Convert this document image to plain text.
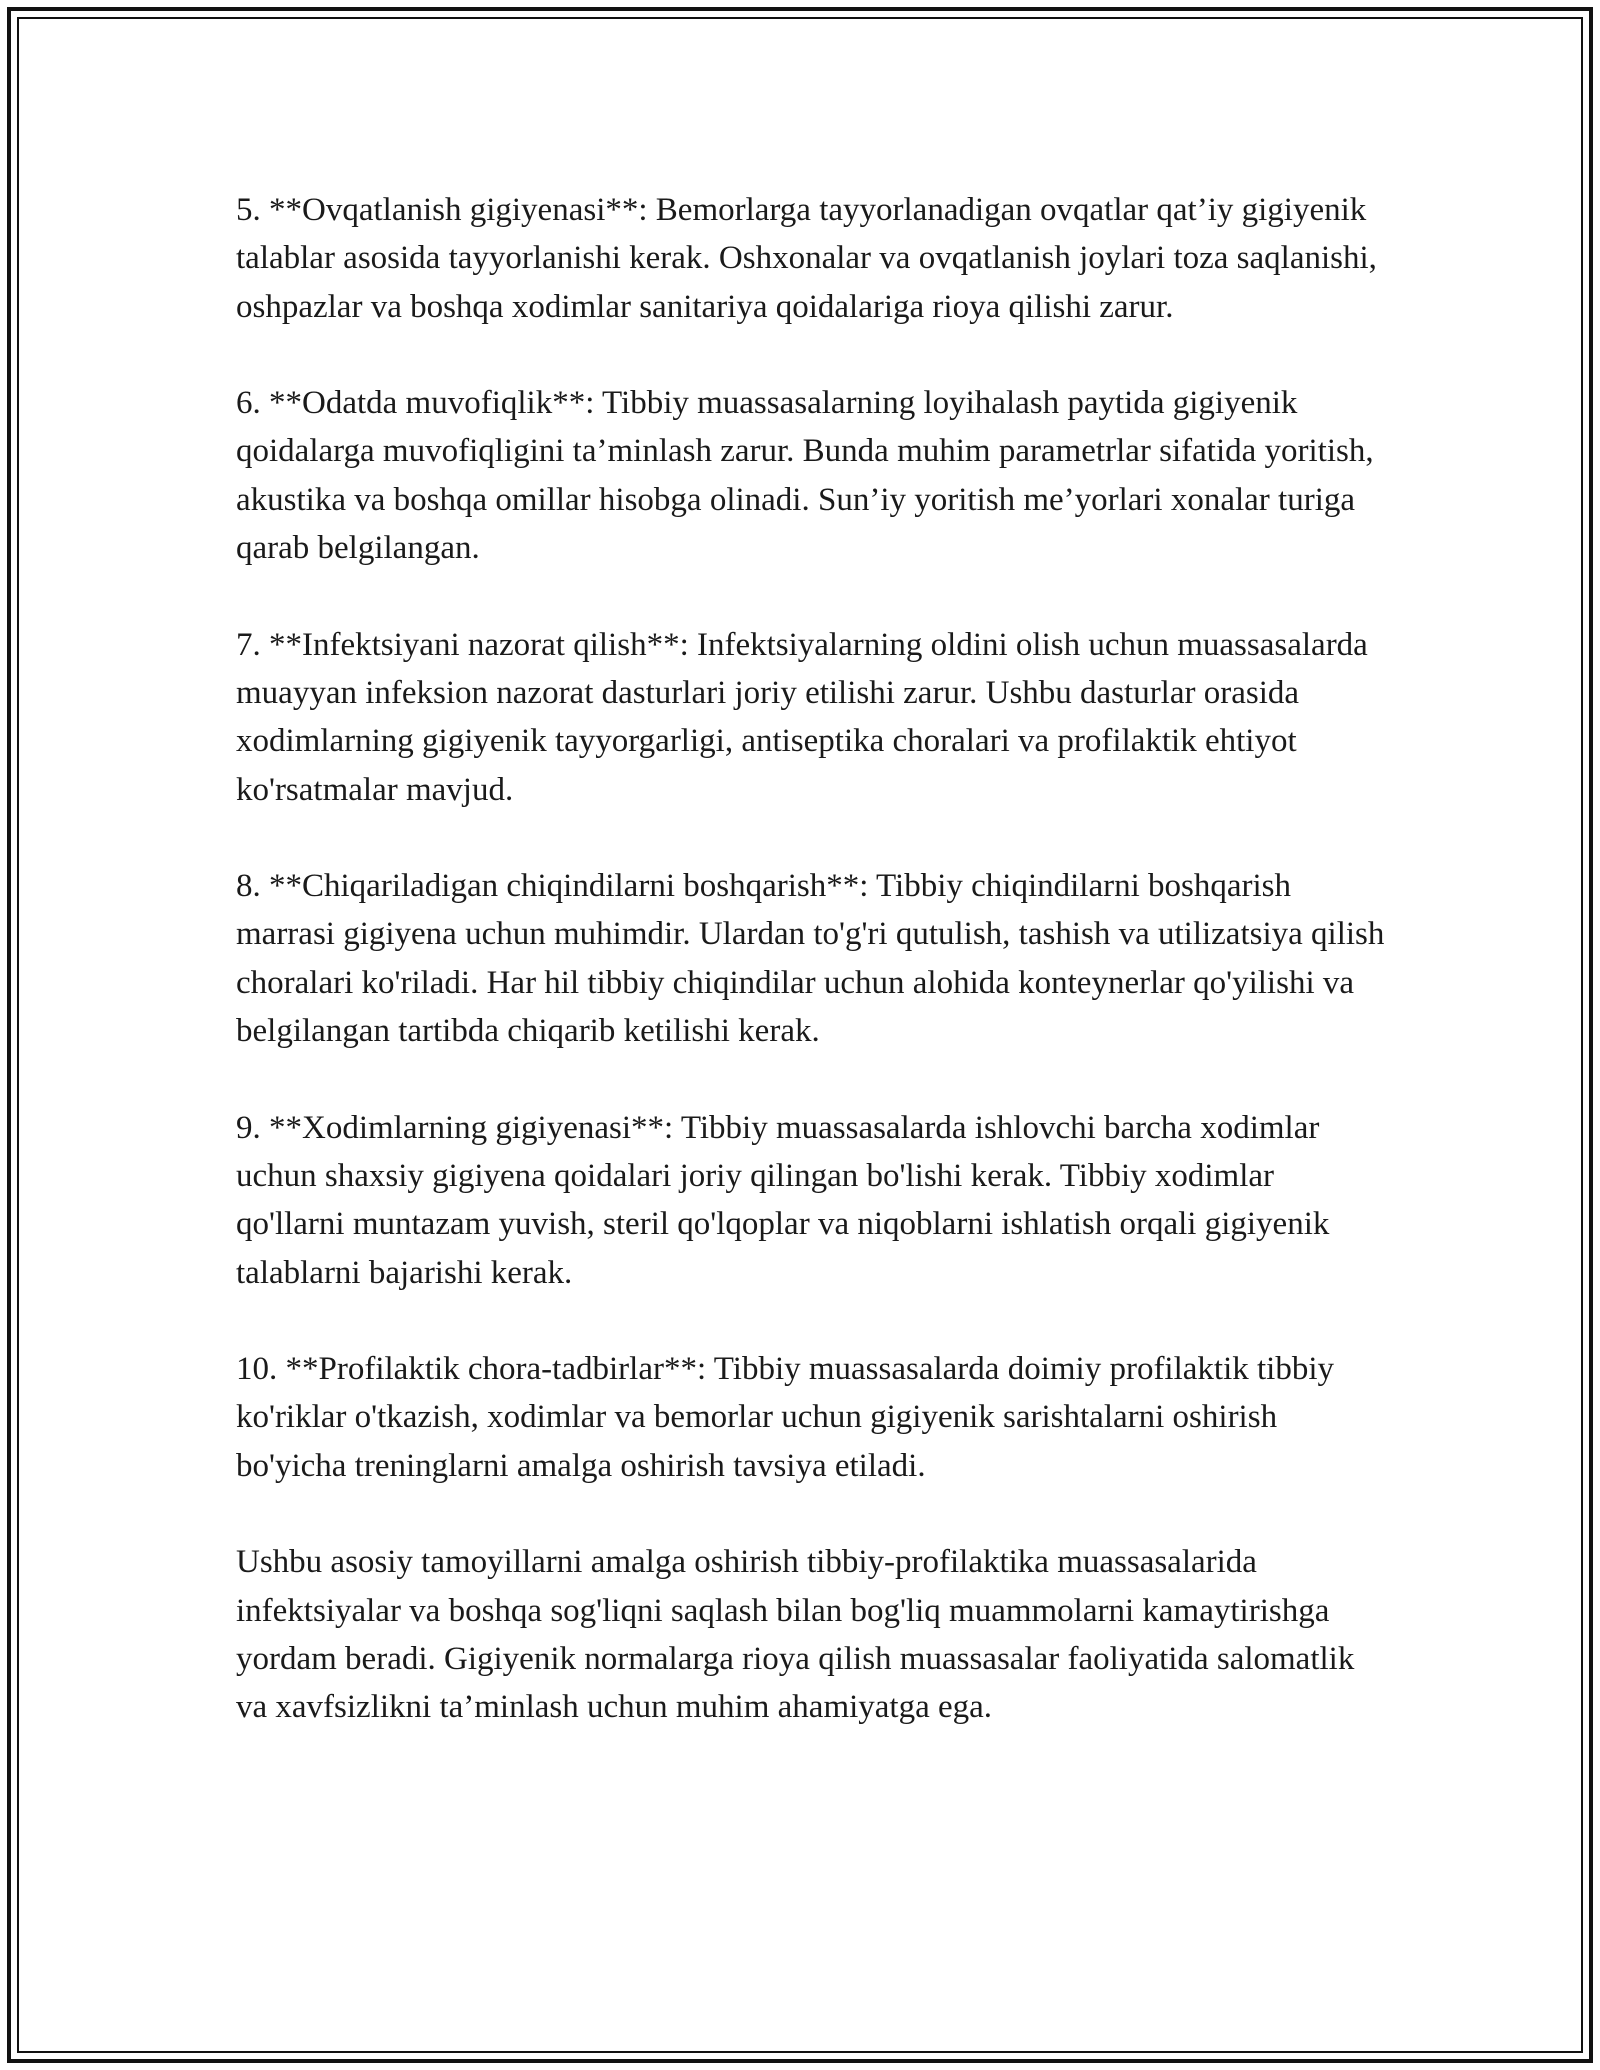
5. **Ovqatlanish gigiyenasi**: Bemorlarga tayyorlanadigan ovqatlar qat’iy gigiyenik talablar asosida tayyorlanishi kerak. Oshxonalar va ovqatlanish joylari toza saqlanishi, oshpazlar va boshqa xodimlar sanitariya qoidalariga rioya qilishi zarur.

6. **Odatda muvofiqlik**: Tibbiy muassasalarning loyihalash paytida gigiyenik qoidalarga muvofiqligini ta’minlash zarur. Bunda muhim parametrlar sifatida yoritish, akustika va boshqa omillar hisobga olinadi. Sun’iy yoritish me’yorlari xonalar turiga qarab belgilangan.

7. **Infektsiyani nazorat qilish**: Infektsiyalarning oldini olish uchun muassasalarda muayyan infeksion nazorat dasturlari joriy etilishi zarur. Ushbu dasturlar orasida xodimlarning gigiyenik tayyorgarligi, antiseptika choralari va profilaktik ehtiyot ko'rsatmalar mavjud.

8. **Chiqariladigan chiqindilarni boshqarish**: Tibbiy chiqindilarni boshqarish marrasi gigiyena uchun muhimdir. Ulardan to'g'ri qutulish, tashish va utilizatsiya qilish choralari ko'riladi. Har hil tibbiy chiqindilar uchun alohida konteynerlar qo'yilishi va belgilangan tartibda chiqarib ketilishi kerak.

9. **Xodimlarning gigiyenasi**: Tibbiy muassasalarda ishlovchi barcha xodimlar uchun shaxsiy gigiyena qoidalari joriy qilingan bo'lishi kerak. Tibbiy xodimlar qo'llarni muntazam yuvish, steril qo'lqoplar va niqoblarni ishlatish orqali gigiyenik talablarni bajarishi kerak.

10. **Profilaktik chora-tadbirlar**: Tibbiy muassasalarda doimiy profilaktik tibbiy ko'riklar o'tkazish, xodimlar va bemorlar uchun gigiyenik sarishtalarni oshirish bo'yicha treninglarni amalga oshirish tavsiya etiladi.

Ushbu asosiy tamoyillarni amalga oshirish tibbiy-profilaktika muassasalarida infektsiyalar va boshqa sog'liqni saqlash bilan bog'liq muammolarni kamaytirishga yordam beradi. Gigiyenik normalarga rioya qilish muassasalar faoliyatida salomatlik va xavfsizlikni ta’minlash uchun muhim ahamiyatga ega.
